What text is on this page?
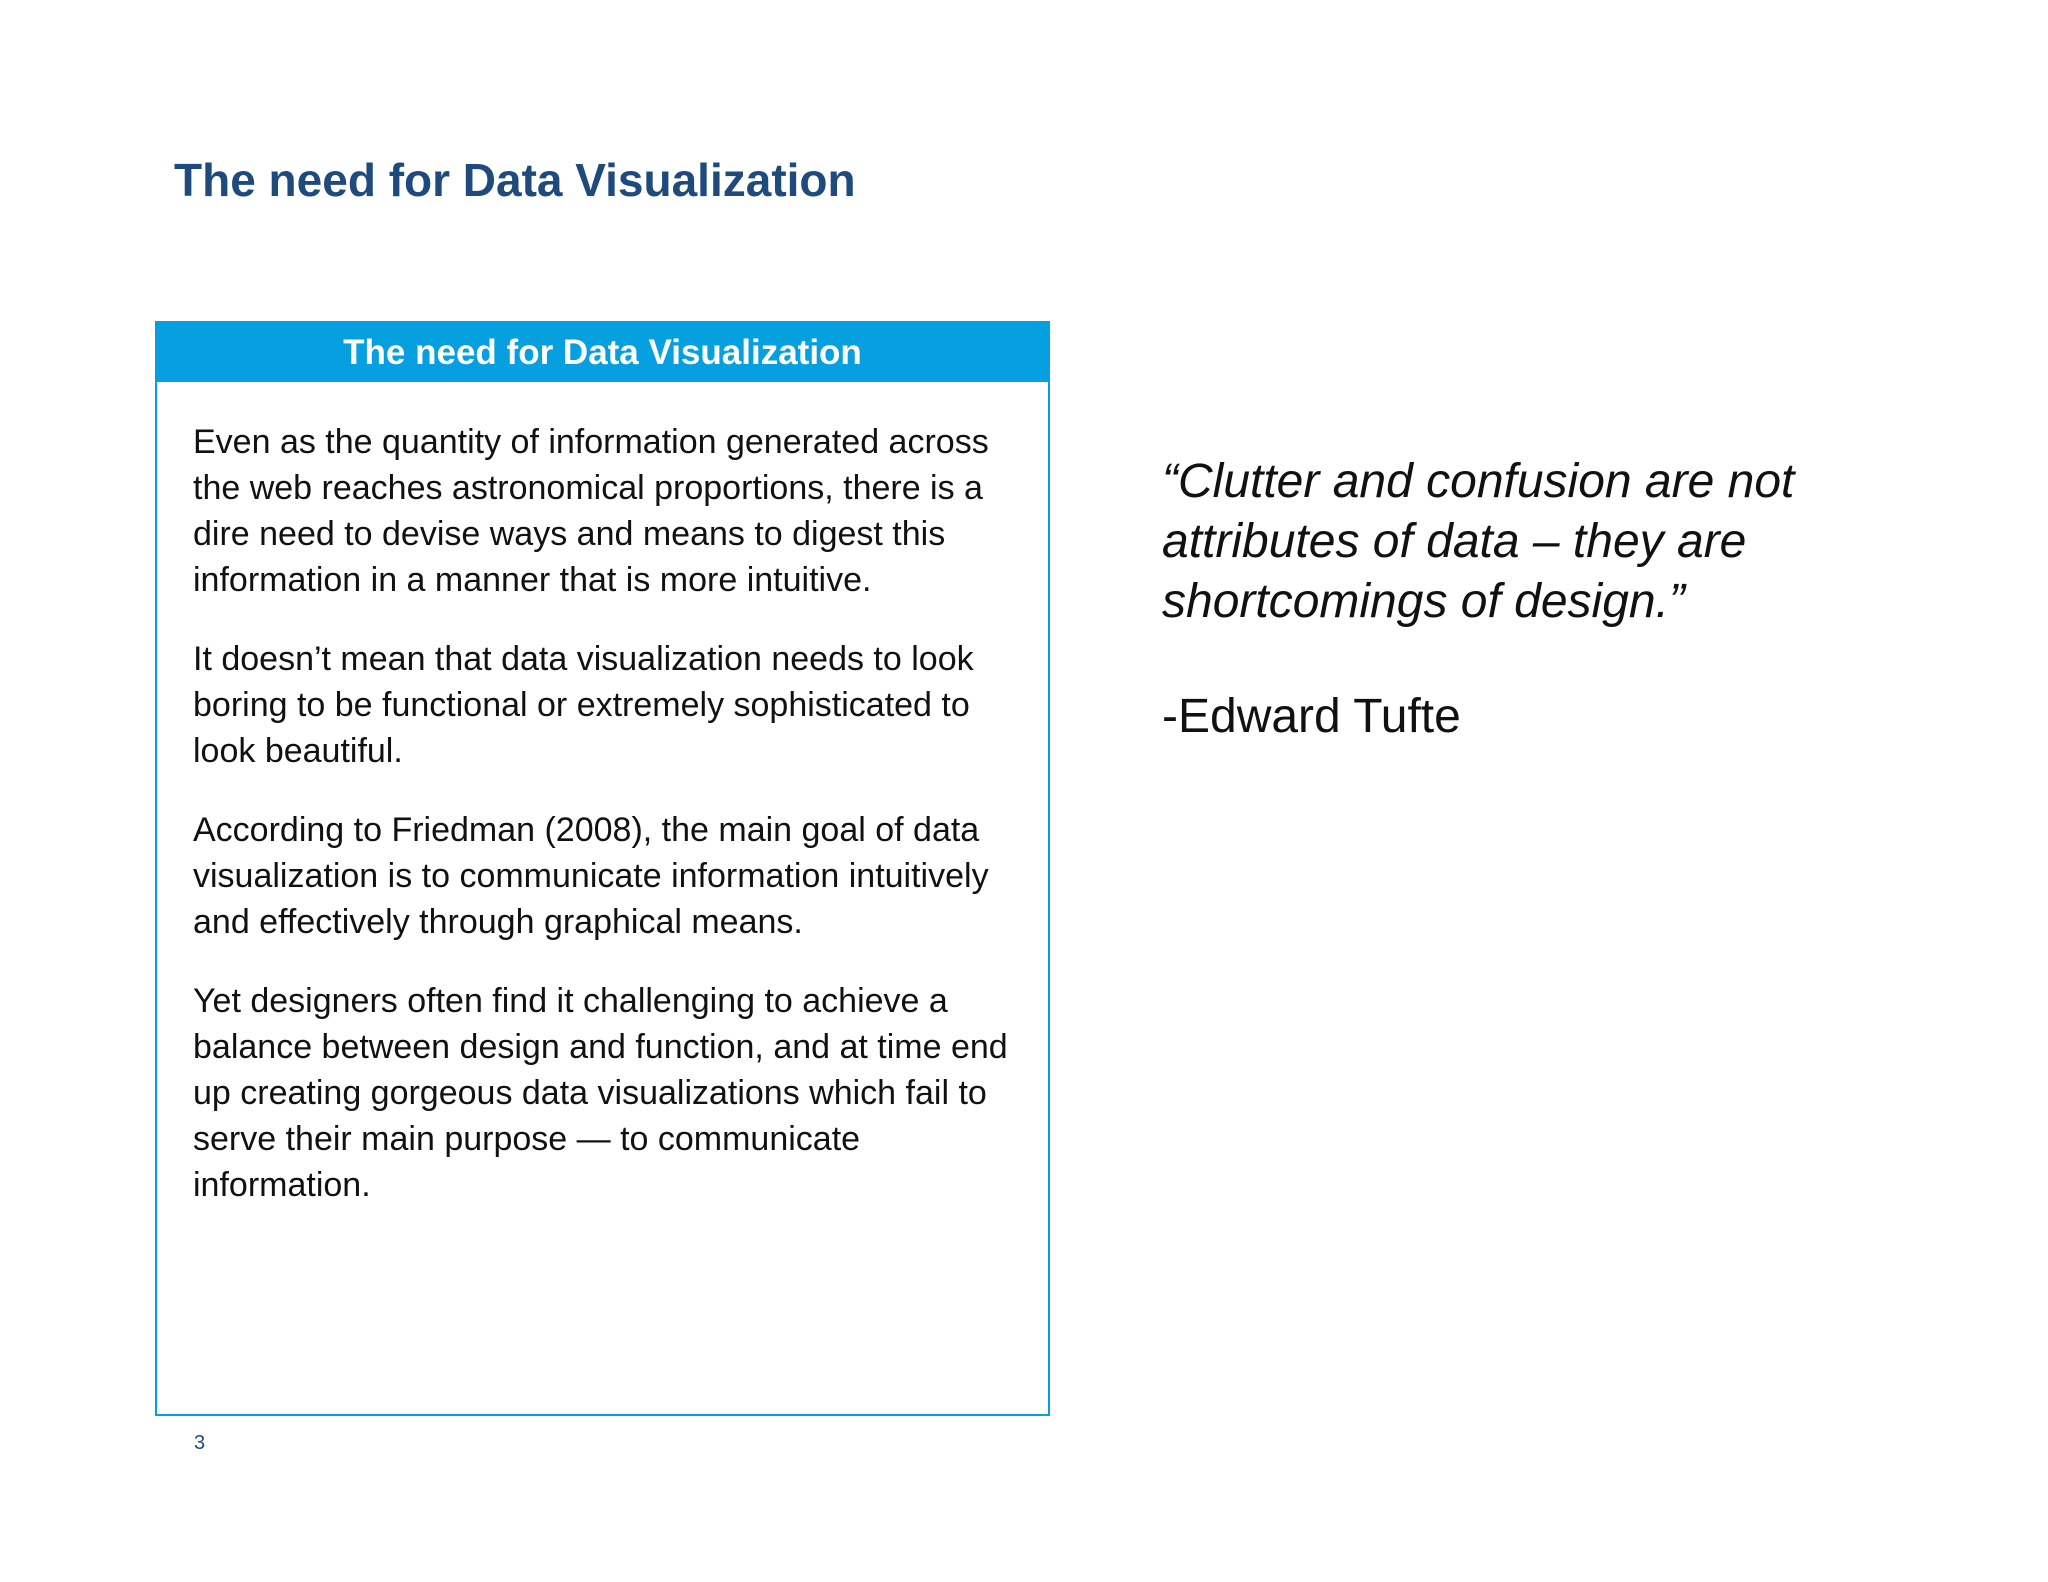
The need for Data Visualization
The need for Data Visualization

Even as the quantity of information generated across the web reaches astronomical proportions, there is a dire need to devise ways and means to digest this information in a manner that is more intuitive.

It doesn’t mean that data visualization needs to look boring to be functional or extremely sophisticated to look beautiful.

According to Friedman (2008), the main goal of data visualization is to communicate information intuitively and effectively through graphical means.

Yet designers often find it challenging to achieve a balance between design and function, and at time end up creating gorgeous data visualizations which fail to serve their main purpose — to communicate information.

“Clutter and confusion are not attributes of data – they are shortcomings of design.”

-Edward Tufte

3
